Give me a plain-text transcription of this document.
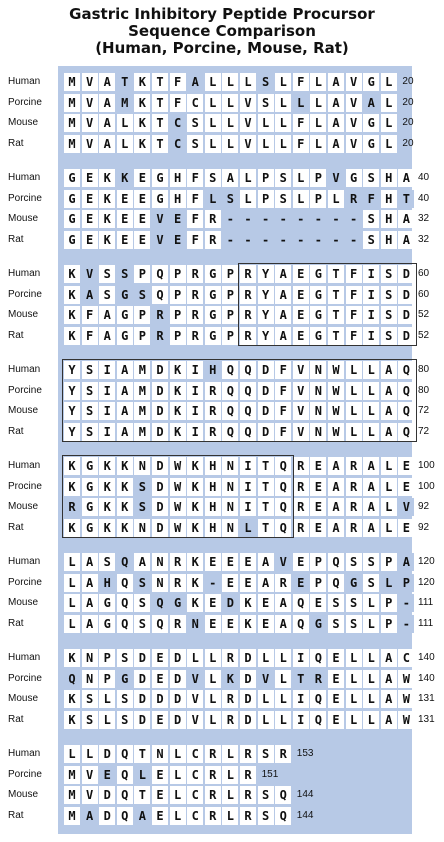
Gastric Inhibitory Peptide Procursor
Sequence Comparison
(Human, Porcine, Mouse, Rat)
Human	M V A T K T F A L L L S L F L A V G L 20
Porcine	M V A M K T F C L L V S L L L A V A L 20
Mouse	M V A L K T C S L L V L L F L A V G L 20
Rat	M V A L K T C S L L V L L F L A V G L 20
Human	G E K K E G H F S A L P S L P V G S H A 40
Porcine	G E K E E G H F L S L P S L P L R F H T 40
Mouse	G E K E E V E F R - - - - - - - - S H A 32
Rat	G E K E E V E F R - - - - - - - - S H A 32
Human	K V S S P Q P R G P R Y A E G T F I S D 60
Porcine	K A S G S Q P R G P R Y A E G T F I S D 60
Mouse	K F A G P R P R G P R Y A E G T F I S D 52
Rat	K F A G P R P R G P R Y A E G T F I S D 52
Human	Y S I A M D K I H Q Q D F V N W L L A Q 80
Porcine	Y S I A M D K I R Q Q D F V N W L L A Q 80
Mouse	Y S I A M D K I R Q Q D F V N W L L A Q 72
Rat	Y S I A M D K I R Q Q D F V N W L L A Q 72
Human	K G K K N D W K H N I T Q R E A R A L E 100
Procine	K G K K S D W K H N I T Q R E A R A L E 100
Mouse	R G K K S D W K H N I T Q R E A R A L V 92
Rat	K G K K N D W K H N L T Q R E A R A L E 92
Human	L A S Q A N R K E E E A V E P Q S S P A 120
Porcine	L A H Q S N R K - E E A R E P Q G S L P 120
Mouse	L A G Q S Q G K E D K E A Q E S S L P - 111
Rat	L A G Q S Q R N E E K E A Q G S S L P - 111
Human	K N P S D E D L L R D L L I Q E L L A C 140
Porcine	Q N P G D E D V L K D V L T R E L L A W 140
Mouse	K S L S D D D V L R D L L I Q E L L A W 131
Rat	K S L S D E D V L R D L L I Q E L L A W 131
Human	L L D Q T N L C R L R S R	153
Porcine	M V E Q L E L C R L R 151
Mouse	M V D Q T E L C R L R S Q	144
Rat	M A D Q A E L C R L R S Q	144
